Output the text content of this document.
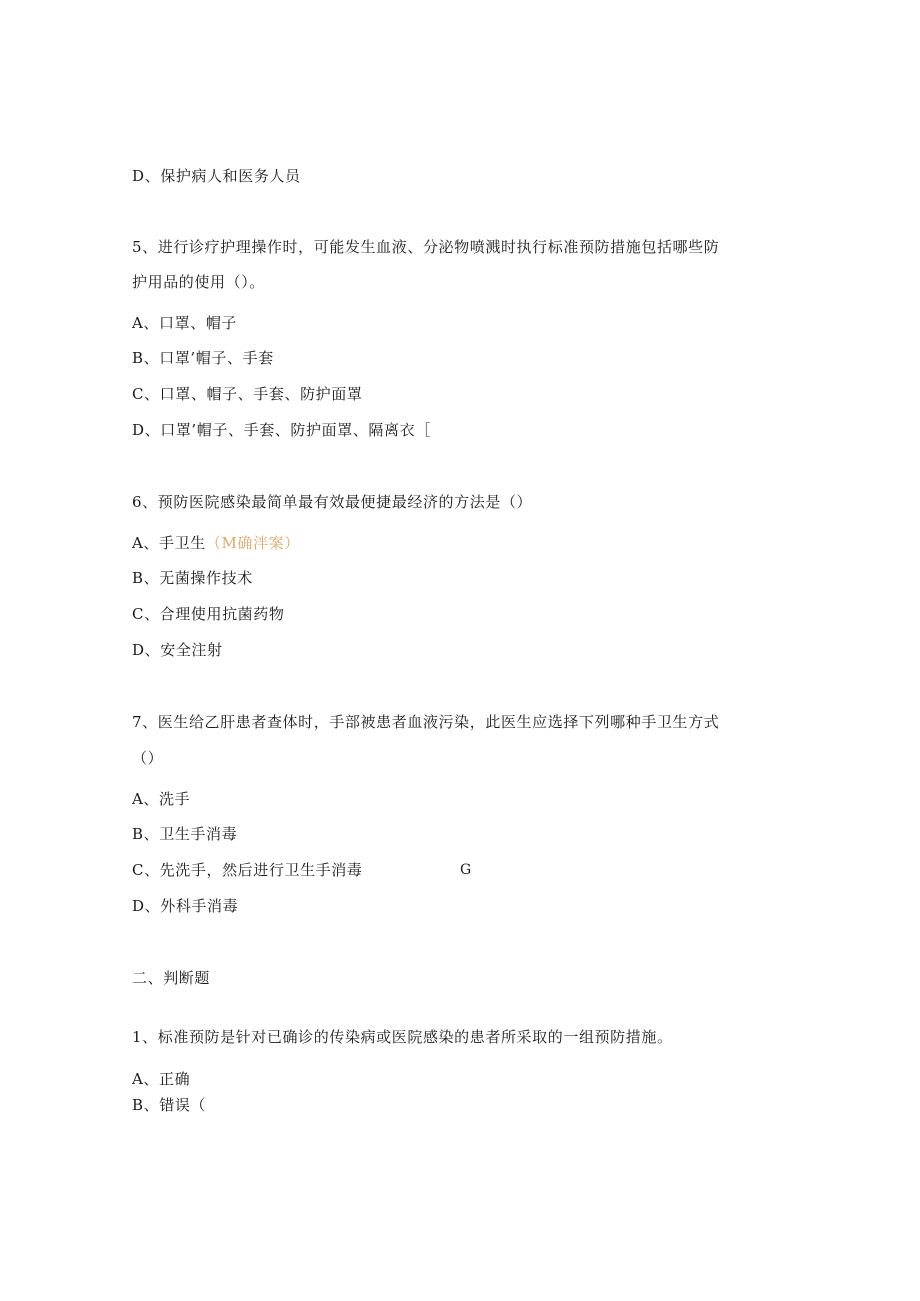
D、保护病人和医务人员
5、进行诊疗护理操作时，可能发生血液、分泌物喷溅时执行标准预防措施包括哪些防
护用品的使用（）。
A、口罩、帽子
B、口罩’帽子、手套
C、口罩、帽子、手套、防护面罩
D、口罩’帽子、手套、防护面罩、隔离衣［
6、预防医院感染最简单最有效最便捷最经济的方法是（）
A、手卫生（M确泮案）
B、无菌操作技术
C、合理使用抗菌药物
D、安全注射
7、医生给乙肝患者查体时，手部被患者血液污染，此医生应选择下列哪种手卫生方式
（）
A、洗手
B、卫生手消毒
C、先洗手，然后进行卫生手消毒	G
D、外科手消毒
二、判断题
1、标准预防是针对已确诊的传染病或医院感染的患者所采取的一组预防措施。
A、正确
B、错误（
